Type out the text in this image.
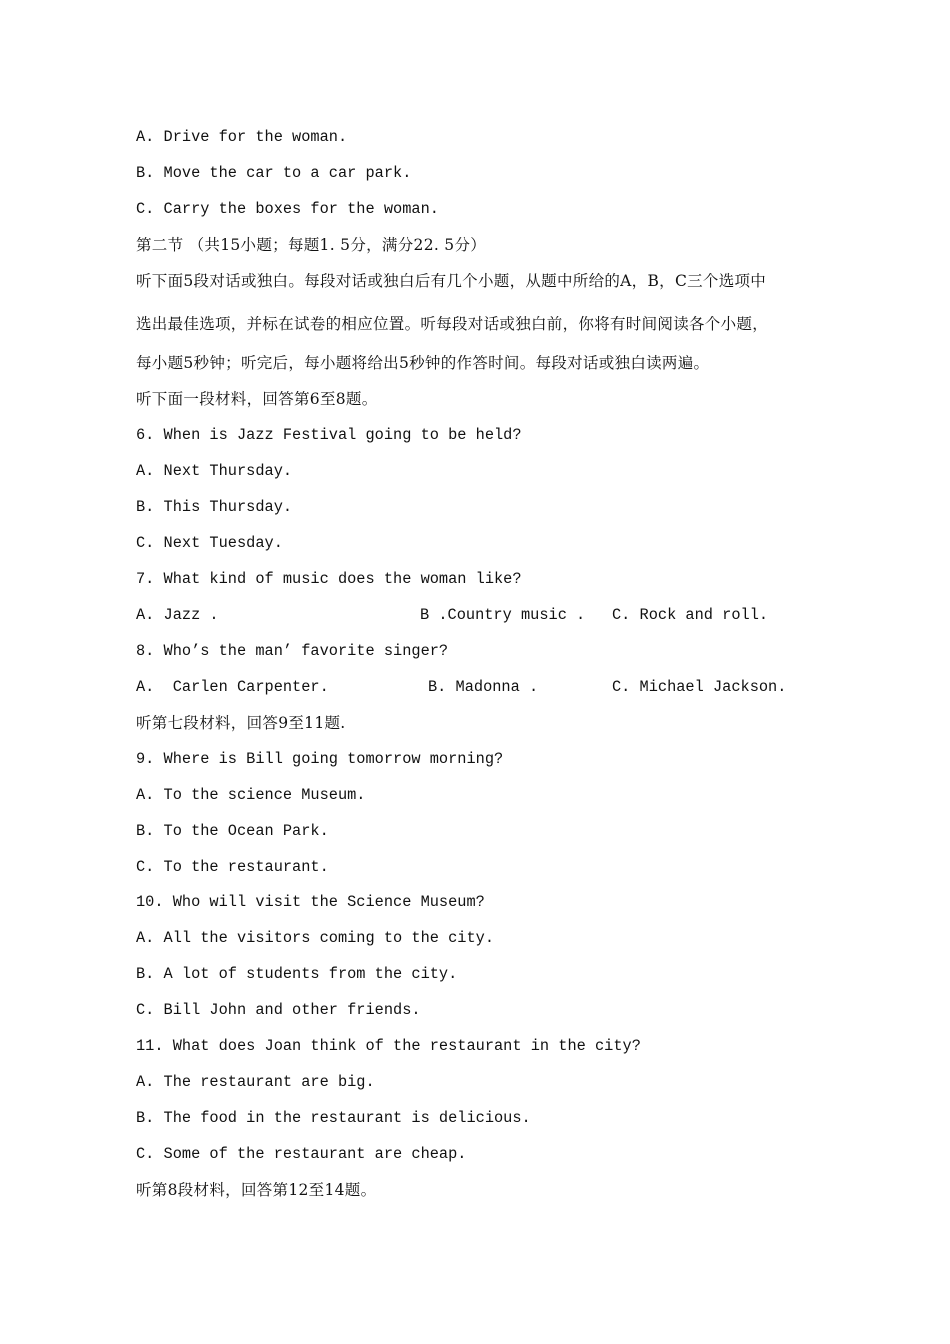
A. Drive for the woman.
B. Move the car to a car park.
C. Carry the boxes for the woman.
第二节 （共15小题；每题1. 5分，满分22. 5分）
听下面5段对话或独白。每段对话或独白后有几个小题，从题中所给的A，B，C三个选项中
选出最佳选项，并标在试卷的相应位置。听每段对话或独白前，你将有时间阅读各个小题，
每小题5秒钟；听完后，每小题将给出5秒钟的作答时间。每段对话或独白读两遍。
听下面一段材料，回答第6至8题。
6. When is Jazz Festival going to be held?
A. Next Thursday.
B. This Thursday.
C. Next Tuesday.
7. What kind of music does the woman like?
A. Jazz .	B .Country music . C. Rock and roll.
8. Who’s the man’ favorite singer?
A.  Carlen Carpenter.	B. Madonna .	C. Michael Jackson.
听第七段材料，回答9至11题.
9. Where is Bill going tomorrow morning?
A. To the science Museum.
B. To the Ocean Park.
C. To the restaurant.
10. Who will visit the Science Museum?
A. All the visitors coming to the city.
B. A lot of students from the city.
C. Bill John and other friends.
11. What does Joan think of the restaurant in the city?
A. The restaurant are big.
B. The food in the restaurant is delicious.
C. Some of the restaurant are cheap.
听第8段材料，回答第12至14题。
